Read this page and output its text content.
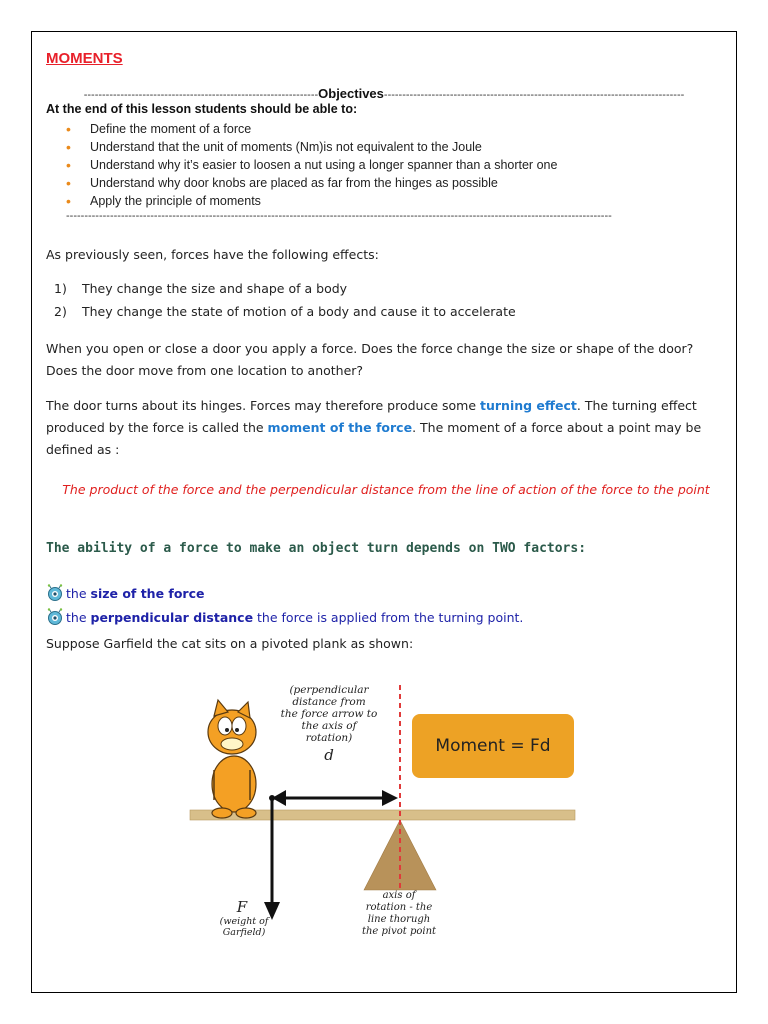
MOMENTS
----------------------------------------------------------------Objectives----------------------------------------------------------------------------------
At the end of this lesson students should be able to:
• Define the moment of a force
• Understand that the unit of moments (Nm)is not equivalent to the Joule
• Understand why it’s easier to loosen a nut using a longer spanner than a shorter one
• Understand why door knobs are placed as far from the hinges as possible
• Apply the principle of moments
-----------------------------------------------------------------------------------------------------------------------------------------------------
As previously seen, forces have the following effects:
1) They change the size and shape of a body
2) They change the state of motion of a body and cause it to accelerate
When you open or close a door you apply a force. Does the force change the size or shape of the door? Does the door move from one location to another?
The door turns about its hinges. Forces may therefore produce some turning effect. The turning effect produced by the force is called the moment of the force. The moment of a force about a point may be defined as :
The product of the force and the perpendicular distance from the line of action of the force to the point
The ability of a force to make an object turn depends on TWO factors:
the size of the force
the perpendicular distance the force is applied from the turning point.
Suppose Garfield the cat sits on a pivoted plank as shown:
(perpendicular
distance from
the force arrow to
the axis of
rotation)
d	Moment = Fd
F
(weight of
Garfield)
axis of
rotation - the
line thorugh
the pivot point
